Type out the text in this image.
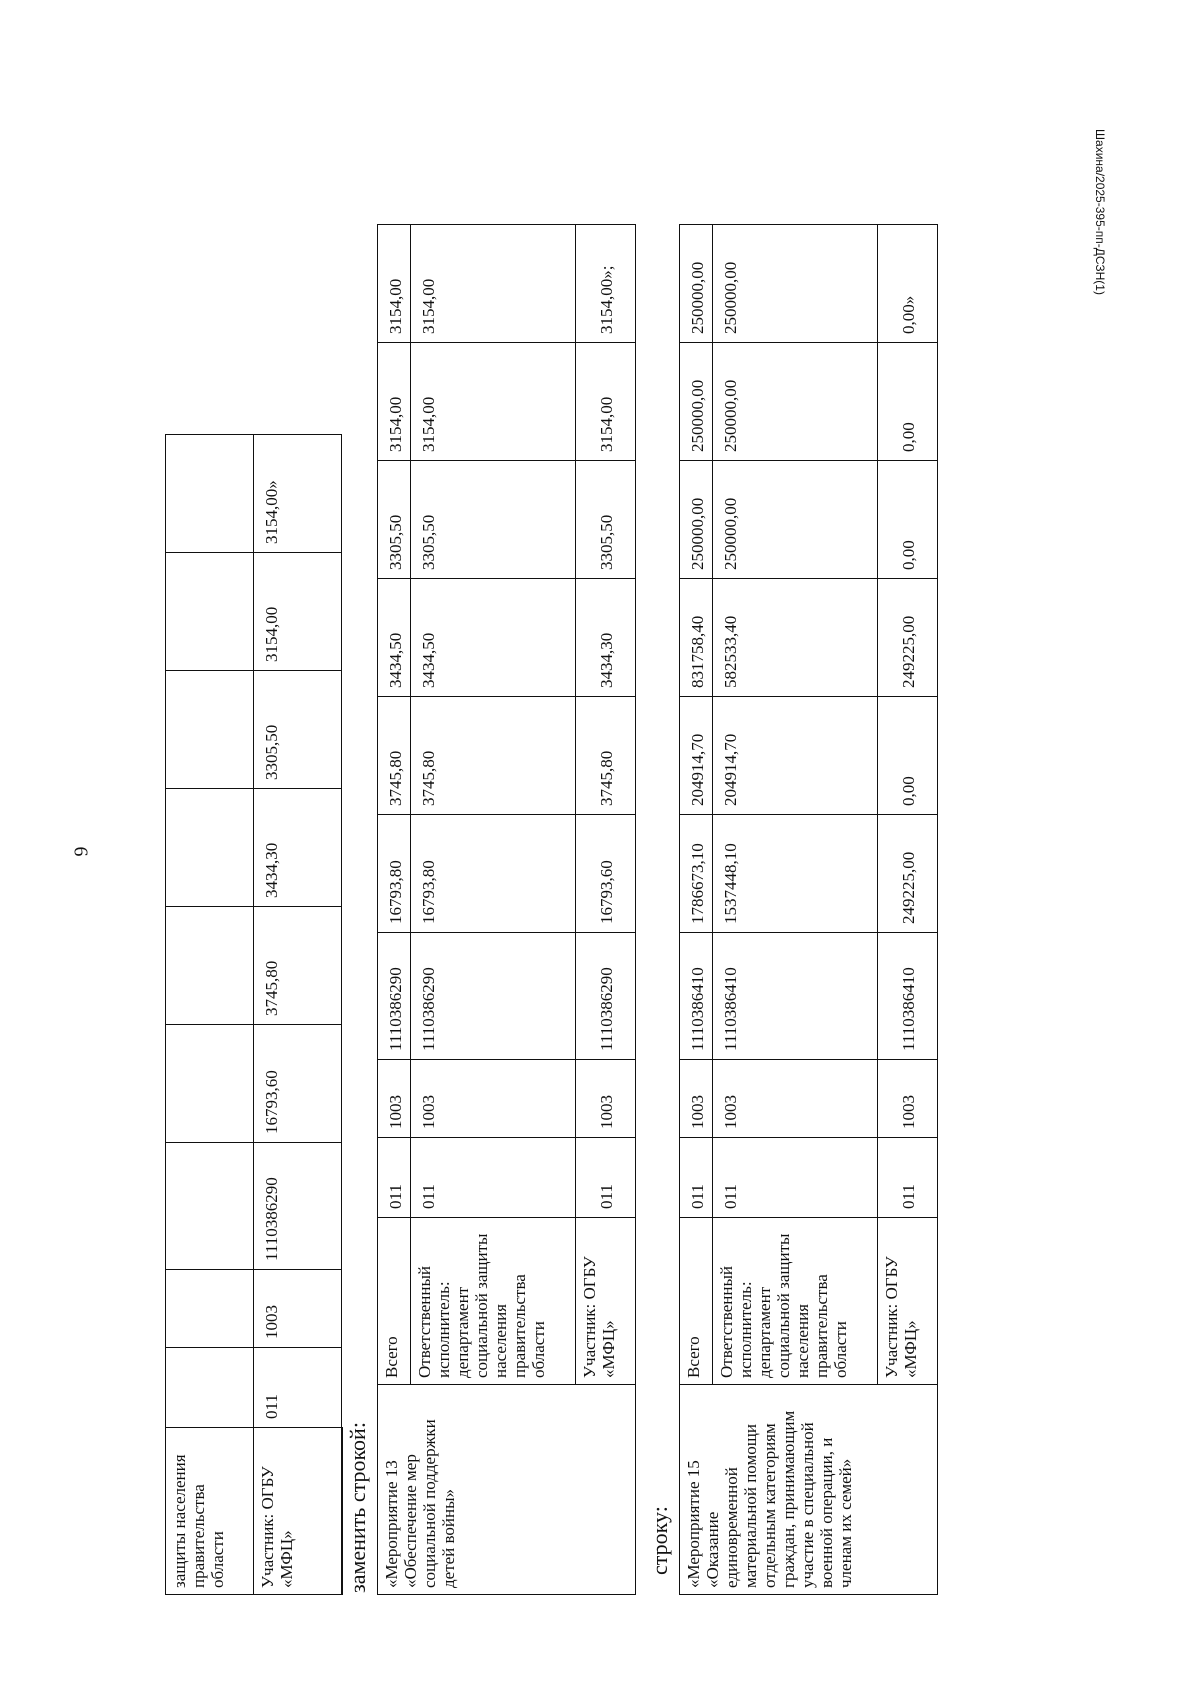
6
Шахина/2025-395-пп-ДСЗН(1)
	защиты населения правительства области									
	Участник: ОГБУ «МФЦ»	011	1003	1110386290	16793,60	3745,80	3434,30	3305,50	3154,00	3154,00»
заменить строкой: «Мероприятие 13 «Обеспечение мер социальной поддержки детей войны»	Всего	011	1003	1110386290	16793,80	3745,80	3434,50	3305,50	3154,00	3154,00
	Ответственный исполнитель: департамент социальной защиты населения правительства области	011	1003	1110386290	16793,80	3745,80	3434,50	3305,50	3154,00	3154,00
	Участник: ОГБУ «МФЦ»	011	1003	1110386290	16793,60	3745,80	3434,30	3305,50	3154,00	3154,00»;
строку: «Мероприятие 15 «Оказание единовременной материальной помощи отдельным категориям граждан, принимающим участие в специальной военной операции, и членам их семей»	Всего	011	1003	1110386410	1786673,10	204914,70	831758,40	250000,00	250000,00	250000,00
	Ответственный исполнитель: департамент социальной защиты населения правительства области	011	1003	1110386410	1537448,10	204914,70	582533,40	250000,00	250000,00	250000,00
	Участник: ОГБУ «МФЦ»	011	1003	1110386410	249225,00	0,00	249225,00	0,00	0,00	0,00»
